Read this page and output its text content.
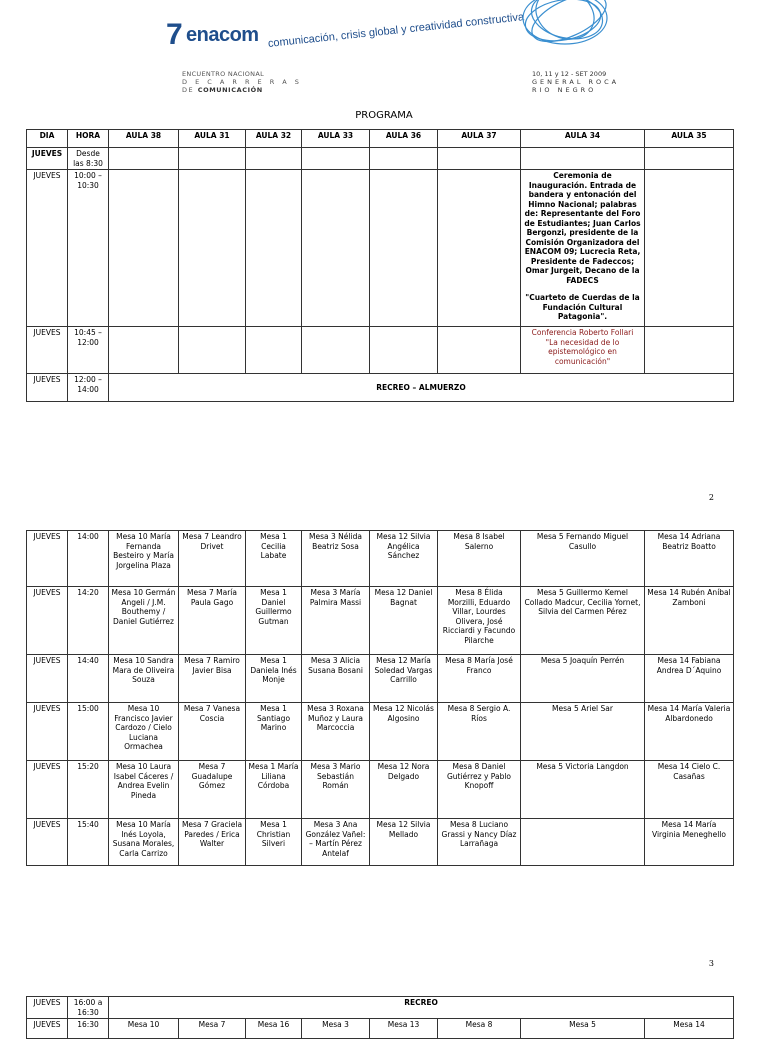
7 enacom comunicación, crisis global y creatividad constructiva
ENCUENTRO NACIONAL
D E C A R R E R A S
DE COMUNICACIÓN
10, 11 y 12 - SET 2009
GENERAL ROCA
RIO NEGRO
PROGRAMA
DIA	HORA	AULA 38	AULA 31	AULA 32	AULA 33	AULA 36	AULA 37	AULA 34	AULA 35
JUEVES	Desde las 8:30								
JUEVES	10:00 – 10:30							Ceremonia de Inauguración. Entrada de bandera y entonación del Himno Nacional; palabras de: Representante del Foro de Estudiantes; Juan Carlos Bergonzi, presidente de la Comisión Organizadora del ENACOM 09; Lucrecia Reta, Presidente de Fadeccos; Omar Jurgeit, Decano de la FADECS
"Cuarteto de Cuerdas de la Fundación Cultural Patagonia".	

JUEVES	10:45 – 12:00							Conferencia Roberto Follari
"La necesidad de lo epistemológico en comunicación"	

JUEVES	12:00 – 14:00	RECREO – ALMUERZO							
2
JUEVES	14:00	Mesa 10 María Fernanda Besteiro y María Jorgelina Plaza	Mesa 7 Leandro Drivet	Mesa 1 Cecilia Labate	Mesa 3 Nélida Beatriz Sosa	Mesa 12 Silvia Angélica Sánchez	Mesa 8 Isabel Salerno	Mesa 5 Fernando Miguel Casullo	Mesa 14 Adriana Beatriz Boatto
JUEVES	14:20	Mesa 10 Germán Angeli / J.M. Bouthemy / Daniel Gutiérrez	Mesa 7 María Paula Gago	Mesa 1 Daniel Guillermo Gutman	Mesa 3 María Palmira Massi	Mesa 12 Daniel Bagnat	Mesa 8 Élida Morzilli, Eduardo Villar, Lourdes Olivera, José Ricciardi y Facundo Pilarche	Mesa 5 Guillermo Kemel Collado Madcur, Cecilia Yornet, Silvia del Carmen Pérez	Mesa 14 Rubén Aníbal Zamboni
JUEVES	14:40	Mesa 10 Sandra Mara de Oliveira Souza	Mesa 7 Ramiro Javier Bisa	Mesa 1 Daniela Inés Monje	Mesa 3 Alicia Susana Bosani	Mesa 12 María Soledad Vargas Carrillo	Mesa 8 María José Franco	Mesa 5 Joaquín Perrén	Mesa 14 Fabiana Andrea D´Aquino
JUEVES	15:00	Mesa 10 Francisco Javier Cardozo / Cielo Luciana Ormachea	Mesa 7 Vanesa Coscia	Mesa 1 Santiago Marino	Mesa 3 Roxana Muñoz y Laura Marcoccia	Mesa 12 Nicolás Algosino	Mesa 8 Sergio A. Ríos	Mesa 5 Ariel Sar	Mesa 14 María Valeria Albardonedo
JUEVES	15:20	Mesa 10 Laura Isabel Cáceres / Andrea Evelin Pineda	Mesa 7 Guadalupe Gómez	Mesa 1 María Liliana Córdoba	Mesa 3 Mario Sebastián Román	Mesa 12 Nora Delgado	Mesa 8 Daniel Gutiérrez y Pablo Knopoff	Mesa 5 Victoria Langdon	Mesa 14 Cielo C. Casañas
JUEVES	15:40	Mesa 10 María Inés Loyola, Susana Morales, Carla Carrizo	Mesa 7 Graciela Paredes / Erica Walter	Mesa 1 Christian Silveri	Mesa 3 Ana González Vañel: – Martín Pérez Antelaf	Mesa 12 Silvia Mellado	Mesa 8 Luciano Grassi y Nancy Díaz Larrañaga		Mesa 14 María Virginia Meneghello
3
JUEVES	16:00 a 16:30	RECREO							
JUEVES	16:30	Mesa 10	Mesa 7	Mesa 16	Mesa 3	Mesa 13	Mesa 8	Mesa 5	Mesa 14
